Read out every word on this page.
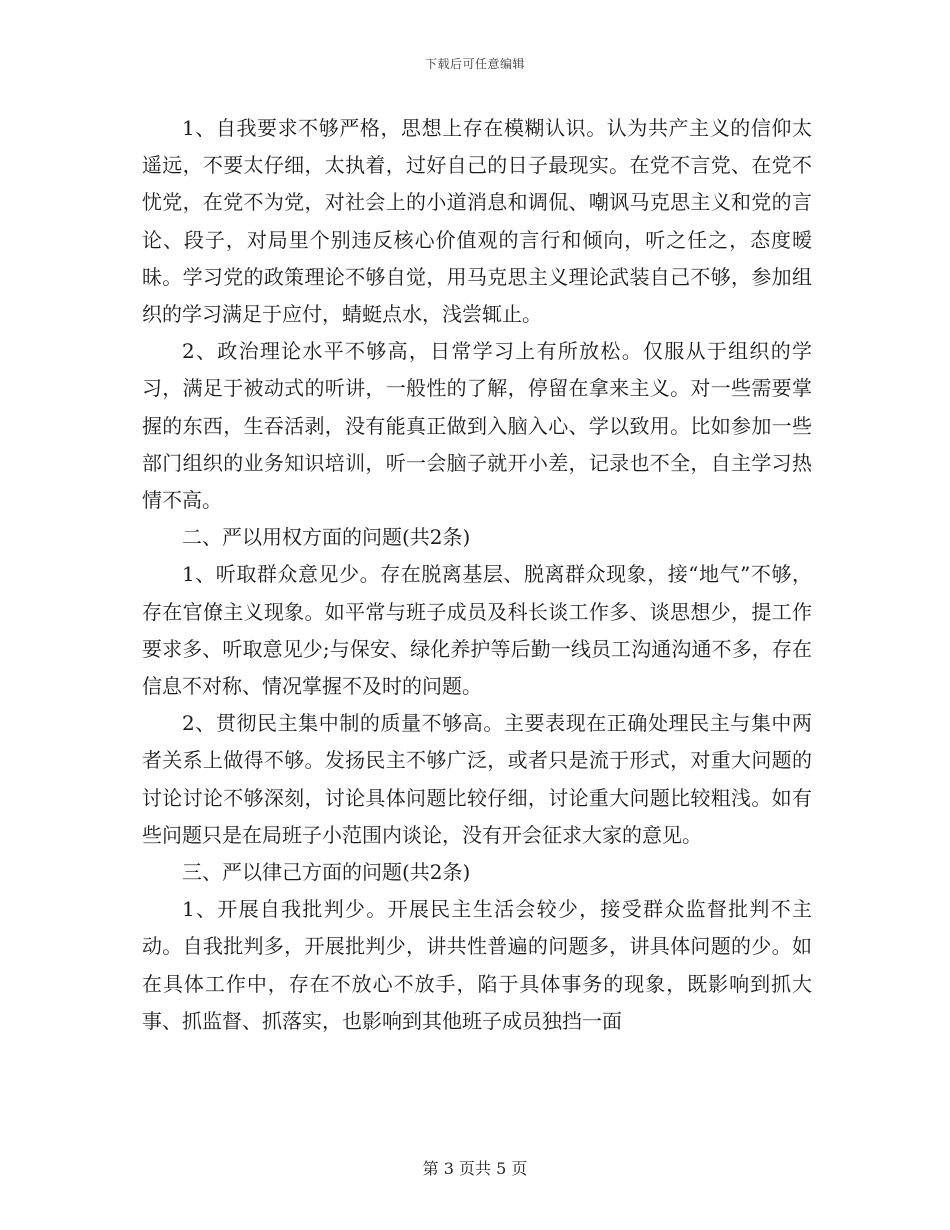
下载后可任意编辑

1、自我要求不够严格，思想上存在模糊认识。认为共产主义的信仰太遥远，不要太仔细，太执着，过好自己的日子最现实。在党不言党、在党不忧党，在党不为党，对社会上的小道消息和调侃、嘲讽马克思主义和党的言论、段子，对局里个别违反核心价值观的言行和倾向，听之任之，态度暧昧。学习党的政策理论不够自觉，用马克思主义理论武装自己不够，参加组织的学习满足于应付，蜻蜓点水，浅尝辄止。

2、政治理论水平不够高，日常学习上有所放松。仅服从于组织的学习，满足于被动式的听讲，一般性的了解，停留在拿来主义。对一些需要掌握的东西，生吞活剥，没有能真正做到入脑入心、学以致用。比如参加一些部门组织的业务知识培训，听一会脑子就开小差，记录也不全，自主学习热情不高。

二、严以用权方面的问题(共2条)

1、听取群众意见少。存在脱离基层、脱离群众现象，接“地气”不够，存在官僚主义现象。如平常与班子成员及科长谈工作多、谈思想少，提工作要求多、听取意见少;与保安、绿化养护等后勤一线员工沟通沟通不多，存在信息不对称、情况掌握不及时的问题。

2、贯彻民主集中制的质量不够高。主要表现在正确处理民主与集中两者关系上做得不够。发扬民主不够广泛，或者只是流于形式，对重大问题的讨论讨论不够深刻，讨论具体问题比较仔细，讨论重大问题比较粗浅。如有些问题只是在局班子小范围内谈论，没有开会征求大家的意见。

三、严以律己方面的问题(共2条)

1、开展自我批判少。开展民主生活会较少，接受群众监督批判不主动。自我批判多，开展批判少，讲共性普遍的问题多，讲具体问题的少。如在具体工作中，存在不放心不放手，陷于具体事务的现象，既影响到抓大事、抓监督、抓落实，也影响到其他班子成员独挡一面

第 3 页共 5 页
